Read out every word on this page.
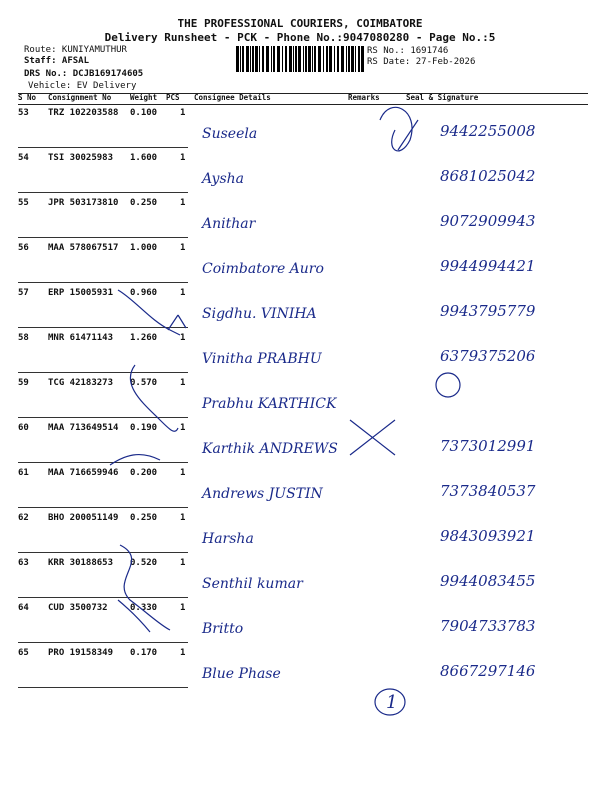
THE PROFESSIONAL COURIERS, COIMBATORE
Delivery Runsheet - PCK - Phone No.:9047080280 - Page No.:5
Route: KUNIYAMUTHUR
Staff: AFSAL
DRS No.: DCJB169174605
Vehicle: EV Delivery
RS No.: 1691746
RS Date: 27-Feb-2026
S No Consignment No	Weight PCS Consignee Details	Remarks	Seal & Signature
53 TRZ 102203588 0.100	1
Suseela	9442255008
54 TSI 30025983 1.600	1
Aysha	8681025042
55 JPR 503173810 0.250	1
Anithar	9072909943
56 MAA 578067517 1.000	1
Coimbatore Auro	9944994421
57 ERP 15005931 0.960	1
Sigdhu. VINIHA	9943795779
58 MNR 61471143 1.260	1
Vinitha PRABHU	6379375206
59 TCG 42183273 0.570	1
Prabhu KARTHICK
60 MAA 713649514 0.190	1
Karthik ANDREWS	7373012991
61 MAA 716659946 0.200	1
Andrews JUSTIN	7373840537
62 BHO 200051149 0.250	1
Harsha	9843093921
63 KRR 30188653 0.520	1
Senthil kumar	9944083455
64 CUD 3500732 0.330	1
Britto	7904733783
65 PRO 19158349 0.170	1
Blue Phase	8667297146
1
